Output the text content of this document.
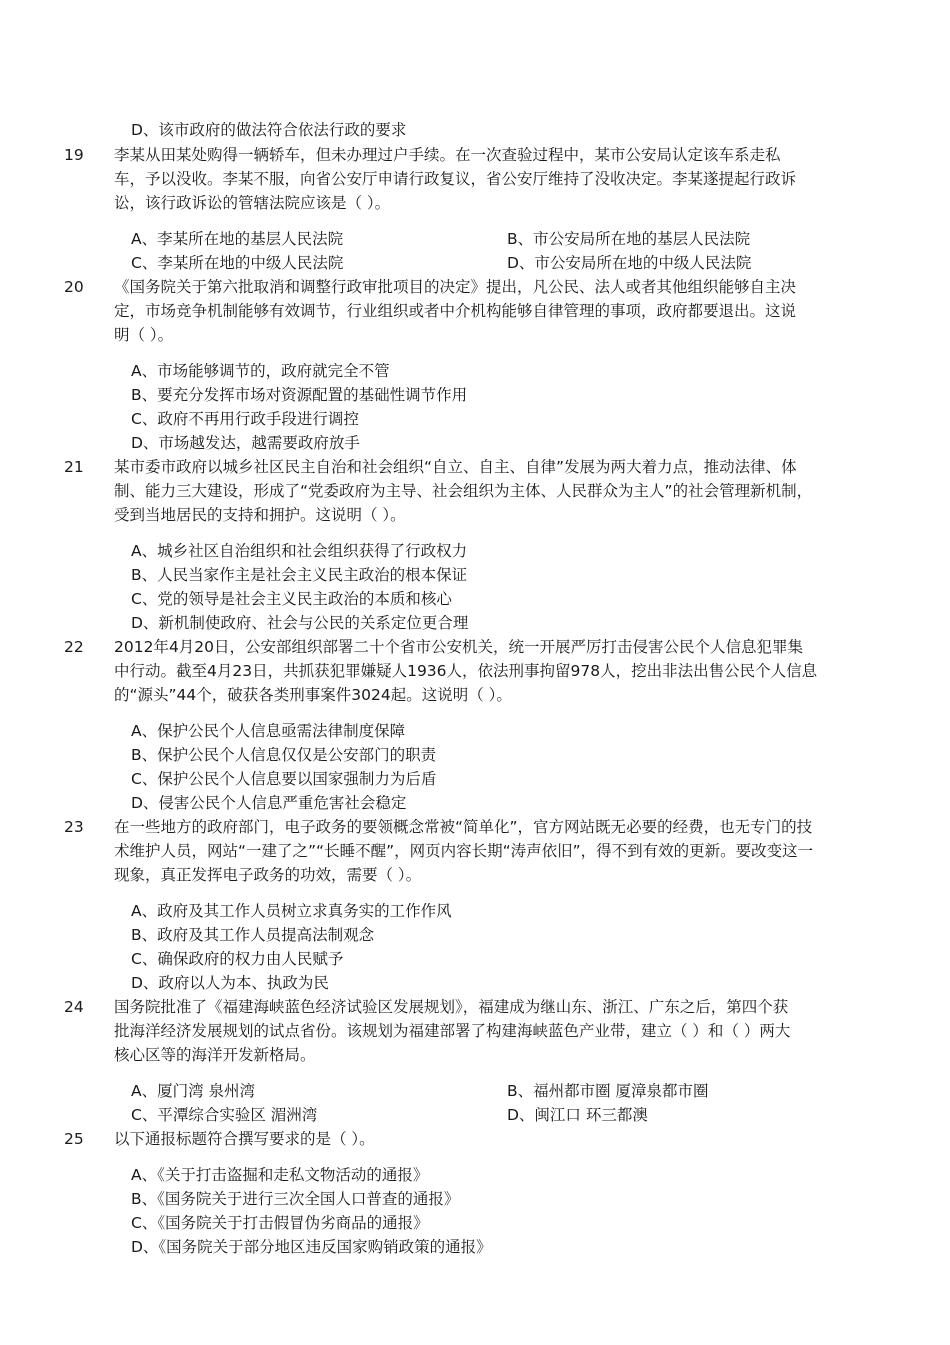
D、该市政府的做法符合依法行政的要求
19 李某从田某处购得一辆轿车，但未办理过户手续。在一次查验过程中，某市公安局认定该车系走私
车，予以没收。李某不服，向省公安厅申请行政复议，省公安厅维持了没收决定。李某遂提起行政诉
讼，该行政诉讼的管辖法院应该是（ ）。
A、李某所在地的基层人民法院	B、市公安局所在地的基层人民法院
C、李某所在地的中级人民法院	D、市公安局所在地的中级人民法院
20 《国务院关于第六批取消和调整行政审批项目的决定》提出，凡公民、法人或者其他组织能够自主决
定，市场竞争机制能够有效调节，行业组织或者中介机构能够自律管理的事项，政府都要退出。这说
明（ ）。
A、市场能够调节的，政府就完全不管
B、要充分发挥市场对资源配置的基础性调节作用
C、政府不再用行政手段进行调控
D、市场越发达，越需要政府放手
21 某市委市政府以城乡社区民主自治和社会组织“自立、自主、自律”发展为两大着力点，推动法律、体
制、能力三大建设，形成了“党委政府为主导、社会组织为主体、人民群众为主人”的社会管理新机制，
受到当地居民的支持和拥护。这说明（ ）。
A、城乡社区自治组织和社会组织获得了行政权力
B、人民当家作主是社会主义民主政治的根本保证
C、党的领导是社会主义民主政治的本质和核心
D、新机制使政府、社会与公民的关系定位更合理
22 2012年4月20日，公安部组织部署二十个省市公安机关，统一开展严厉打击侵害公民个人信息犯罪集
中行动。截至4月23日，共抓获犯罪嫌疑人1936人，依法刑事拘留978人，挖出非法出售公民个人信息
的“源头”44个，破获各类刑事案件3024起。这说明（ ）。
A、保护公民个人信息亟需法律制度保障
B、保护公民个人信息仅仅是公安部门的职责
C、保护公民个人信息要以国家强制力为后盾
D、侵害公民个人信息严重危害社会稳定
23 在一些地方的政府部门，电子政务的要领概念常被“简单化”，官方网站既无必要的经费，也无专门的技
术维护人员，网站“一建了之”“长睡不醒”，网页内容长期“涛声依旧”，得不到有效的更新。要改变这一
现象，真正发挥电子政务的功效，需要（ ）。
A、政府及其工作人员树立求真务实的工作作风
B、政府及其工作人员提高法制观念
C、确保政府的权力由人民赋予
D、政府以人为本、执政为民
24 国务院批准了《福建海峡蓝色经济试验区发展规划》，福建成为继山东、浙江、广东之后，第四个获
批海洋经济发展规划的试点省份。该规划为福建部署了构建海峡蓝色产业带，建立（ ）和（ ）两大
核心区等的海洋开发新格局。
A、厦门湾 泉州湾	B、福州都市圈 厦漳泉都市圈
C、平潭综合实验区 湄洲湾	D、闽江口 环三都澳
25 以下通报标题符合撰写要求的是（ ）。
A、《关于打击盗掘和走私文物活动的通报》
B、《国务院关于进行三次全国人口普查的通报》
C、《国务院关于打击假冒伪劣商品的通报》
D、《国务院关于部分地区违反国家购销政策的通报》
